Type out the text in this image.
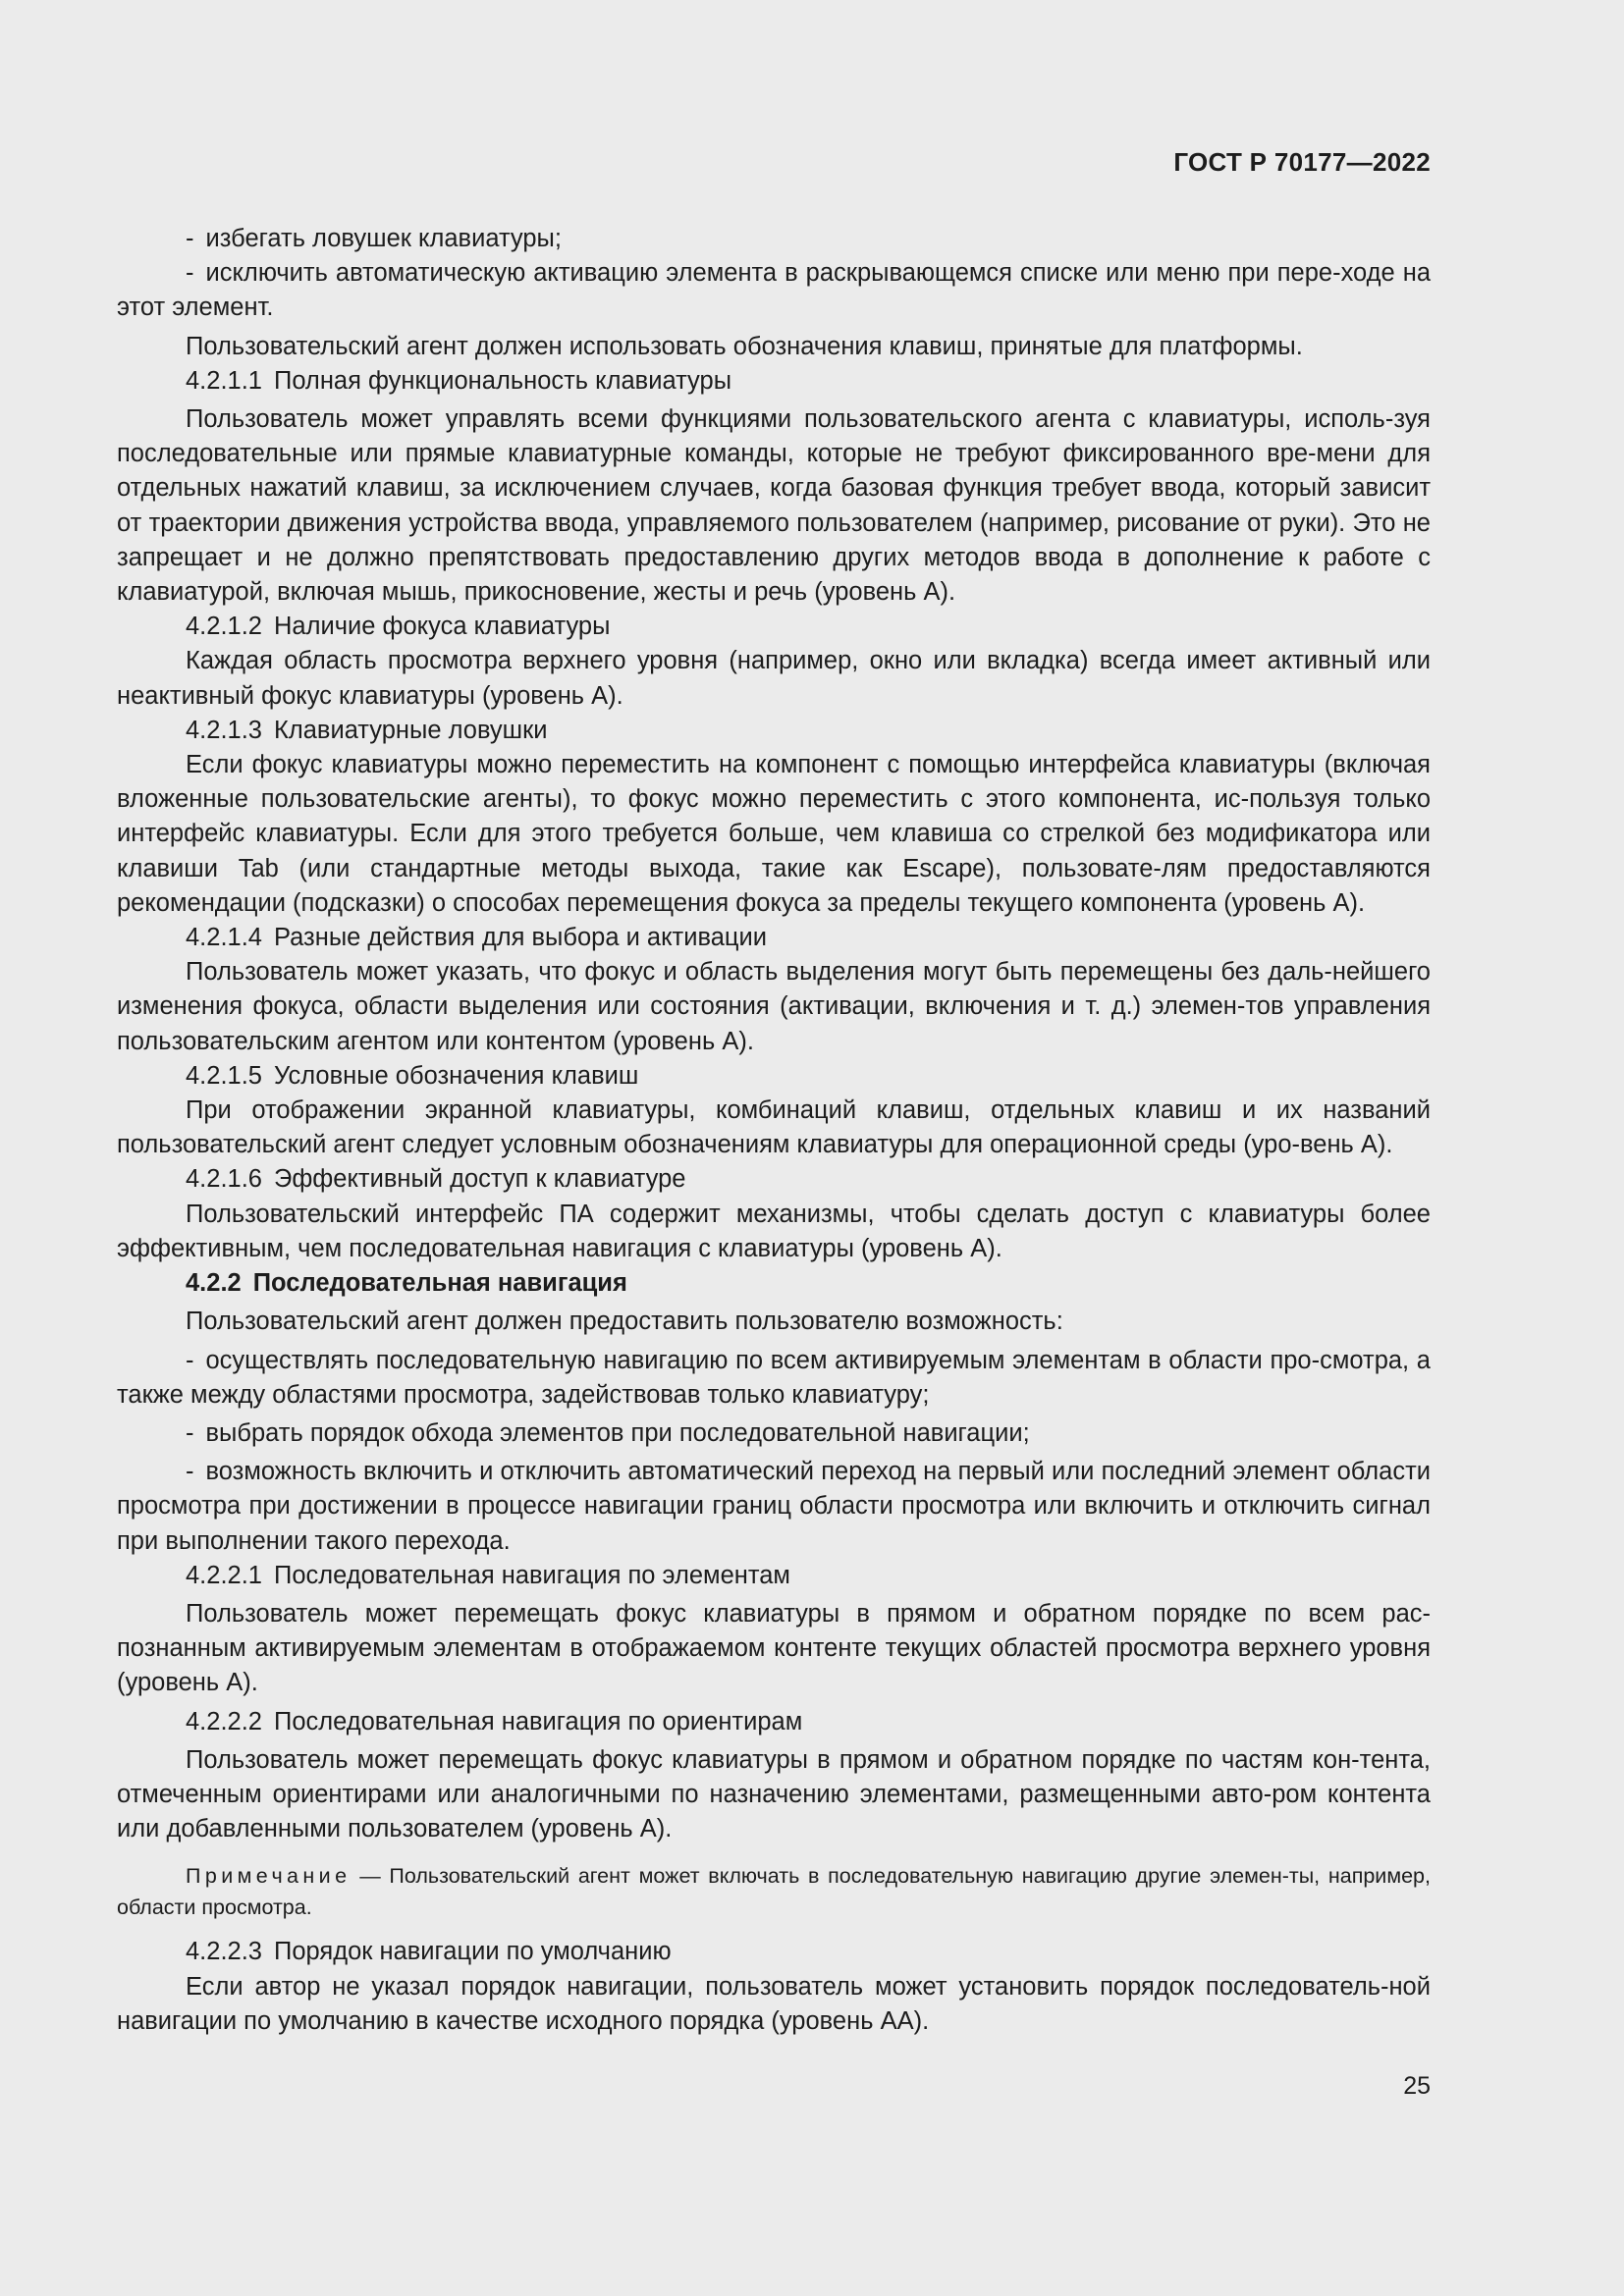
ГОСТ Р 70177—2022

- избегать ловушек клавиатуры;

- исключить автоматическую активацию элемента в раскрывающемся списке или меню при пере-ходе на этот элемент.

Пользовательский агент должен использовать обозначения клавиш, принятые для платформы.

4.2.1.1 Полная функциональность клавиатуры

Пользователь может управлять всеми функциями пользовательского агента с клавиатуры, исполь-зуя последовательные или прямые клавиатурные команды, которые не требуют фиксированного вре-мени для отдельных нажатий клавиш, за исключением случаев, когда базовая функция требует ввода, который зависит от траектории движения устройства ввода, управляемого пользователем (например, рисование от руки). Это не запрещает и не должно препятствовать предоставлению других методов ввода в дополнение к работе с клавиатурой, включая мышь, прикосновение, жесты и речь (уровень А).

4.2.1.2 Наличие фокуса клавиатуры

Каждая область просмотра верхнего уровня (например, окно или вкладка) всегда имеет активный или неактивный фокус клавиатуры (уровень А).

4.2.1.3 Клавиатурные ловушки

Если фокус клавиатуры можно переместить на компонент с помощью интерфейса клавиатуры (включая вложенные пользовательские агенты), то фокус можно переместить с этого компонента, ис-пользуя только интерфейс клавиатуры. Если для этого требуется больше, чем клавиша со стрелкой без модификатора или клавиши Tab (или стандартные методы выхода, такие как Escape), пользовате-лям предоставляются рекомендации (подсказки) о способах перемещения фокуса за пределы текущего компонента (уровень А).

4.2.1.4 Разные действия для выбора и активации

Пользователь может указать, что фокус и область выделения могут быть перемещены без даль-нейшего изменения фокуса, области выделения или состояния (активации, включения и т. д.) элемен-тов управления пользовательским агентом или контентом (уровень А).

4.2.1.5 Условные обозначения клавиш

При отображении экранной клавиатуры, комбинаций клавиш, отдельных клавиш и их названий пользовательский агент следует условным обозначениям клавиатуры для операционной среды (уро-вень А).

4.2.1.6 Эффективный доступ к клавиатуре

Пользовательский интерфейс ПА содержит механизмы, чтобы сделать доступ с клавиатуры более эффективным, чем последовательная навигация с клавиатуры (уровень А).

4.2.2 Последовательная навигация

Пользовательский агент должен предоставить пользователю возможность:

- осуществлять последовательную навигацию по всем активируемым элементам в области про-смотра, а также между областями просмотра, задействовав только клавиатуру;

- выбрать порядок обхода элементов при последовательной навигации;

- возможность включить и отключить автоматический переход на первый или последний элемент области просмотра при достижении в процессе навигации границ области просмотра или включить и отключить сигнал при выполнении такого перехода.

4.2.2.1 Последовательная навигация по элементам

Пользователь может перемещать фокус клавиатуры в прямом и обратном порядке по всем рас-познанным активируемым элементам в отображаемом контенте текущих областей просмотра верхнего уровня (уровень А).

4.2.2.2 Последовательная навигация по ориентирам

Пользователь может перемещать фокус клавиатуры в прямом и обратном порядке по частям кон-тента, отмеченным ориентирами или аналогичными по назначению элементами, размещенными авто-ром контента или добавленными пользователем (уровень А).

Примечание — Пользовательский агент может включать в последовательную навигацию другие элемен-ты, например, области просмотра.

4.2.2.3 Порядок навигации по умолчанию

Если автор не указал порядок навигации, пользователь может установить порядок последователь-ной навигации по умолчанию в качестве исходного порядка (уровень АА).

25
